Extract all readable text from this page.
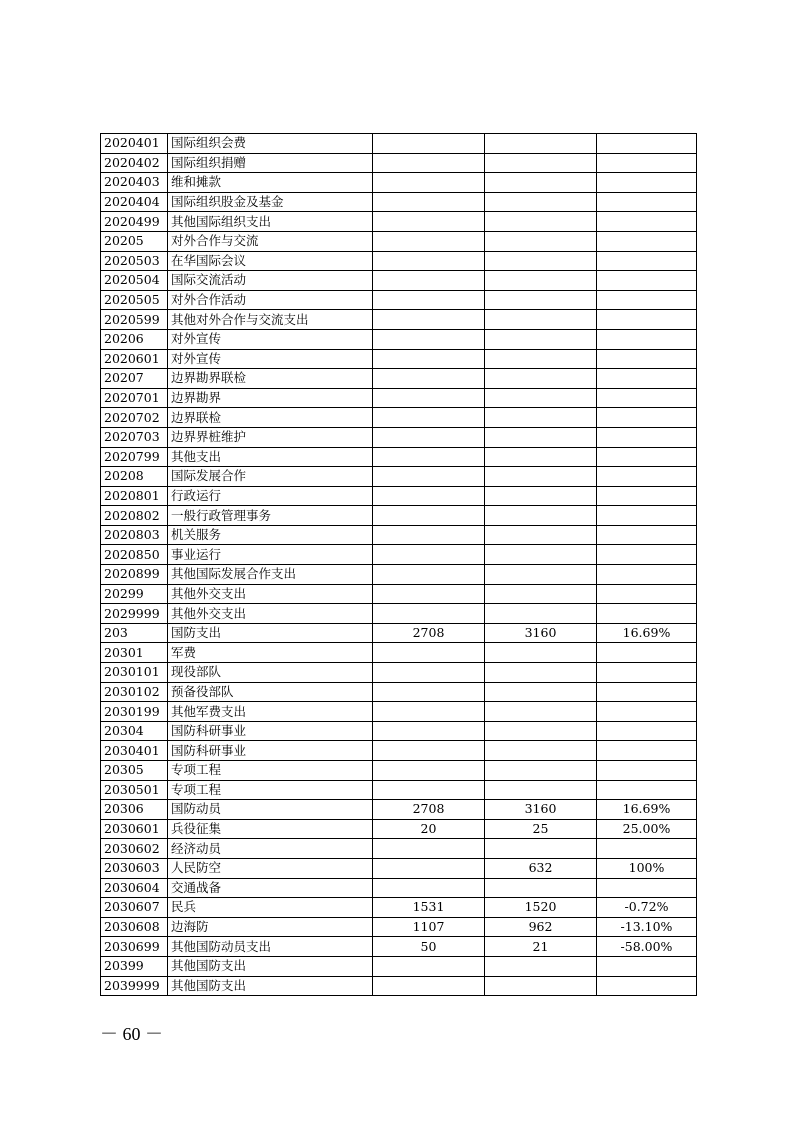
2020401	国际组织会费			
2020402	国际组织捐赠			
2020403	维和摊款			
2020404	国际组织股金及基金			
2020499	其他国际组织支出			
20205	对外合作与交流			
2020503	在华国际会议			
2020504	国际交流活动			
2020505	对外合作活动			
2020599	其他对外合作与交流支出			
20206	对外宣传			
2020601	对外宣传			
20207	边界勘界联检			
2020701	边界勘界			
2020702	边界联检			
2020703	边界界桩维护			
2020799	其他支出			
20208	国际发展合作			
2020801	行政运行			
2020802	一般行政管理事务			
2020803	机关服务			
2020850	事业运行			
2020899	其他国际发展合作支出			
20299	其他外交支出			
2029999	其他外交支出			
203	国防支出	2708	3160	16.69%
20301	军费			
2030101	现役部队			
2030102	预备役部队			
2030199	其他军费支出			
20304	国防科研事业			
2030401	国防科研事业			
20305	专项工程			
2030501	专项工程			
20306	国防动员	2708	3160	16.69%
2030601	兵役征集	20	25	25.00%
2030602	经济动员			
2030603	人民防空		632	100%
2030604	交通战备			
2030607	民兵	1531	1520	-0.72%
2030608	边海防	1107	962	-13.10%
2030699	其他国防动员支出	50	21	-58.00%
20399	其他国防支出			
2039999	其他国防支出			
－ 60 －
